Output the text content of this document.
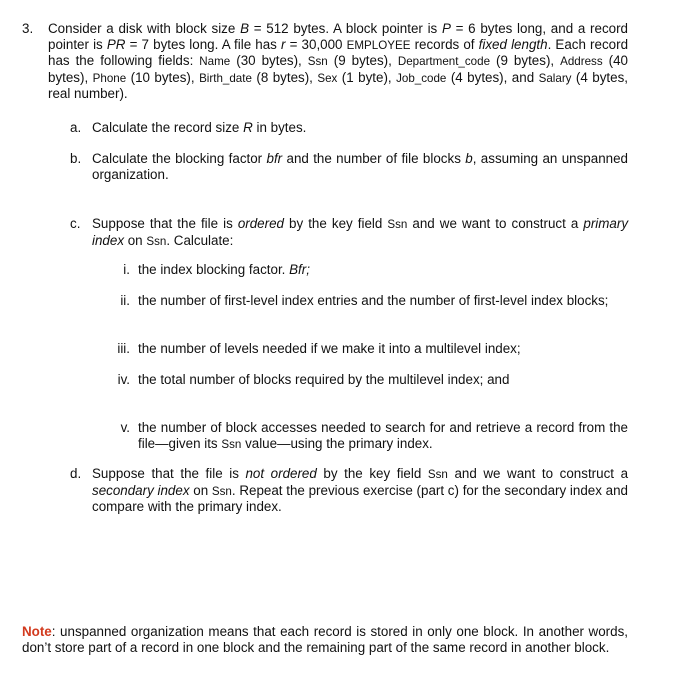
3. Consider a disk with block size B = 512 bytes. A block pointer is P = 6 bytes long, and a record pointer is PR = 7 bytes long. A file has r = 30,000 EMPLOYEE records of fixed length. Each record has the following fields: Name (30 bytes), Ssn (9 bytes), Department_code (9 bytes), Address (40 bytes), Phone (10 bytes), Birth_date (8 bytes), Sex (1 byte), Job_code (4 bytes), and Salary (4 bytes, real number).
a. Calculate the record size R in bytes.
b. Calculate the blocking factor bfr and the number of file blocks b, assuming an unspanned organization.
c. Suppose that the file is ordered by the key field Ssn and we want to construct a primary index on Ssn. Calculate:
i. the index blocking factor. Bfr;
ii. the number of first-level index entries and the number of first-level index blocks;
iii. the number of levels needed if we make it into a multilevel index;
iv. the total number of blocks required by the multilevel index; and
v. the number of block accesses needed to search for and retrieve a record from the file—given its Ssn value—using the primary index.
d. Suppose that the file is not ordered by the key field Ssn and we want to construct a secondary index on Ssn. Repeat the previous exercise (part c) for the secondary index and compare with the primary index.
Note: unspanned organization means that each record is stored in only one block. In another words, don’t store part of a record in one block and the remaining part of the same record in another block.
